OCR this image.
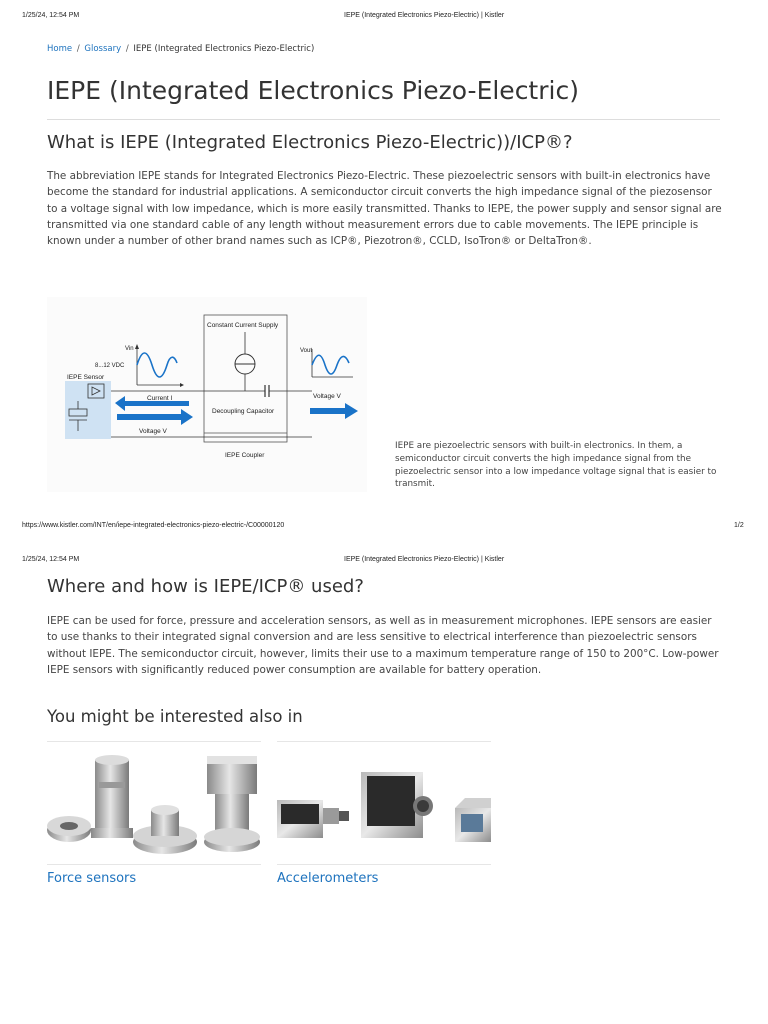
1/25/24, 12:54 PM	IEPE (Integrated Electronics Piezo-Electric) | Kistler
Home / Glossary / IEPE (Integrated Electronics Piezo-Electric)
IEPE (Integrated Electronics Piezo-Electric)
What is IEPE (Integrated Electronics Piezo-Electric))/ICP®?

The abbreviation IEPE stands for Integrated Electronics Piezo-Electric. These piezoelectric sensors with built-in electronics have become the standard for industrial applications. A semiconductor circuit converts the high impedance signal of the piezosensor to a voltage signal with low impedance, which is more easily transmitted. Thanks to IEPE, the power supply and sensor signal are transmitted via one standard cable of any length without measurement errors due to cable movements. The IEPE principle is known under a number of other brand names such as ICP®, Piezotron®, CCLD, IsoTron® or DeltaTron®.

Constant Current Supply
Decoupling Capacitor
IEPE Coupler
IEPE Sensor
Vin
8...12 VDC
Vout
Current I
Voltage V
Voltage V

IEPE are piezoelectric sensors with built-in electronics. In them, a semiconductor circuit converts the high impedance signal from the piezoelectric sensor into a low impedance voltage signal that is easier to transmit.

https://www.kistler.com/INT/en/iepe-integrated-electronics-piezo-electric-/C00000120	1/2
1/25/24, 12:54 PM	IEPE (Integrated Electronics Piezo-Electric) | Kistler
Where and how is IEPE/ICP® used?

IEPE can be used for force, pressure and acceleration sensors, as well as in measurement microphones. IEPE sensors are easier to use thanks to their integrated signal conversion and are less sensitive to electrical interference than piezoelectric sensors without IEPE. The semiconductor circuit, however, limits their use to a maximum temperature range of 150 to 200°C. Low-power IEPE sensors with significantly reduced power consumption are available for battery operation.

You might be interested also in
Force sensors	Accelerometers
